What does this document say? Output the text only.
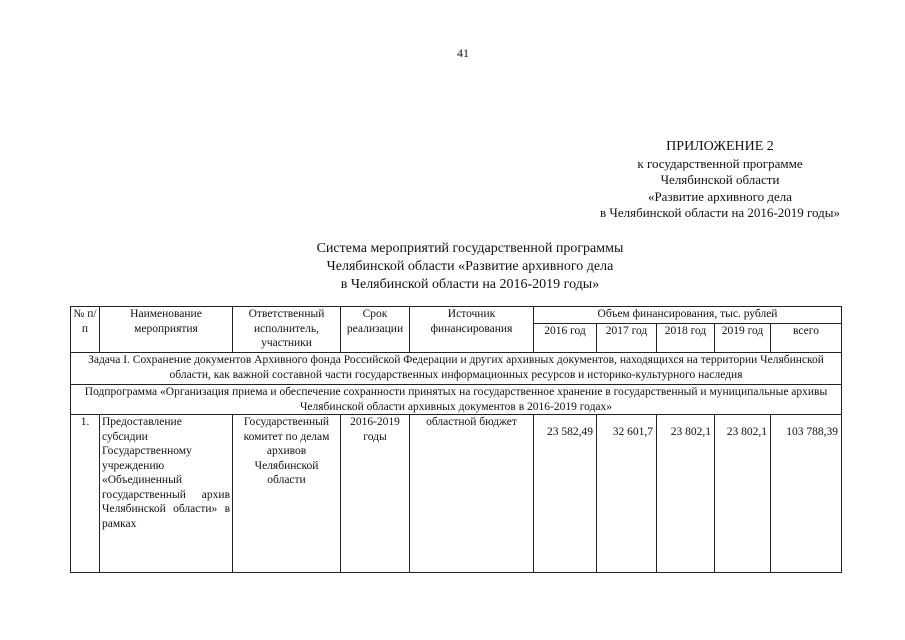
41
ПРИЛОЖЕНИЕ 2
к государственной программе
Челябинской области
«Развитие архивного дела
в Челябинской области на 2016-2019 годы»
Система мероприятий государственной программы
Челябинской области «Развитие архивного дела
в Челябинской области на 2016-2019 годы»
№ п/п	Наименование мероприятия	Ответственный исполнитель, участники	Срок реализации	Источник финансирования	Объем финансирования, тыс. рублей				
					2016 год	2017 год	2018 год	2019 год	всего
Задача I. Сохранение документов Архивного фонда Российской Федерации и других архивных документов, находящихся на территории Челябинской области, как важной составной части государственных информационных ресурсов и историко-культурного наследия									
Подпрограмма «Организация приема и обеспечение сохранности принятых на государственное хранение в государственный и муниципальные архивы Челябинской области архивных документов в 2016-2019 годах»									
1.	Предоставление субсидии Государственному учреждению «Объединенный государственный архив Челябинской области» в рамках	Государственный комитет по делам архивов Челябинской области	2016-2019 годы	областной бюджет	23 582,49	32 601,7	23 802,1	23 802,1	103 788,39
